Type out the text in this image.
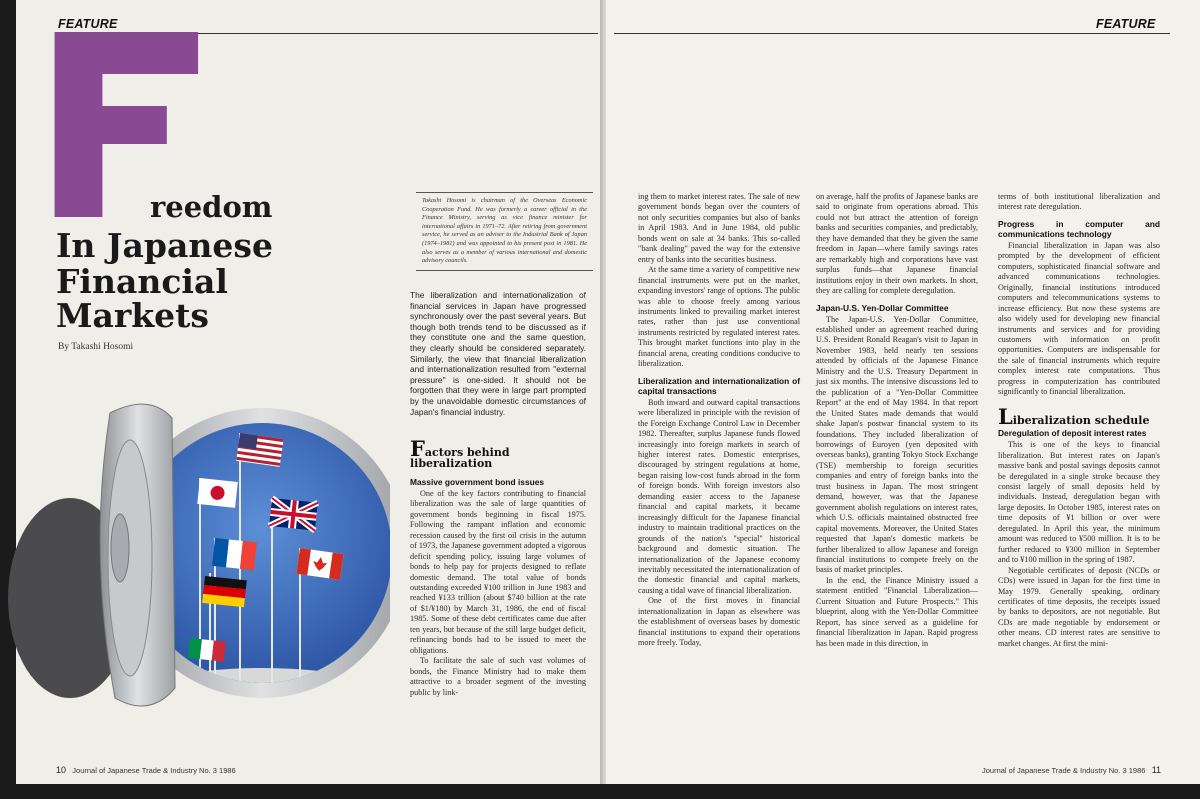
FEATURE	FEATURE
reedom
In Japanese
Financial
Markets
By Takashi Hosomi
Takashi Hosomi is chairman of the Overseas Economic Cooperation Fund. He was formerly a career official in the Finance Ministry, serving as vice finance minister for international affairs in 1971–72. After retiring from government service, he served as an adviser to the Industrial Bank of Japan (1974–1981) and was appointed to his present post in 1981. He also serves as a member of various international and domestic advisory councils.
The liberalization and internationalization of financial services in Japan have progressed synchronously over the past several years. But though both trends tend to be discussed as if they constitute one and the same question, they clearly should be considered separately. Similarly, the view that financial liberalization and internationalization resulted from "external pressure" is one-sided. It should not be forgotten that they were in large part prompted by the unavoidable domestic circumstances of Japan's financial industry.
Factors behind
liberalization

Massive government bond issues

One of the key factors contributing to financial liberalization was the sale of large quantities of government bonds beginning in fiscal 1975. Following the rampant inflation and economic recession caused by the first oil crisis in the autumn of 1973, the Japanese government adopted a vigorous deficit spending policy, issuing large volumes of bonds to help pay for projects designed to reflate domestic demand. The total value of bonds outstanding exceeded ¥100 trillion in June 1983 and reached ¥133 trillion (about $740 billion at the rate of $1/¥180) by March 31, 1986, the end of fiscal 1985. Some of these debt certificates came due after ten years, but because of the still large budget deficit, refinancing bonds had to be issued to meet the obligations.

To facilitate the sale of such vast volumes of bonds, the Finance Ministry had to make them attractive to a broader segment of the investing public by link-

ing them to market interest rates. The sale of new government bonds began over the counters of not only securities companies but also of banks in April 1983. And in June 1984, old public bonds went on sale at 34 banks. This so-called "bank dealing" paved the way for the extensive entry of banks into the securities business.

At the same time a variety of competitive new financial instruments were put on the market, expanding investors' range of options. The public was able to choose freely among various instruments linked to prevailing market interest rates, rather than just use conventional instruments restricted by regulated interest rates. This brought market functions into play in the financial arena, creating conditions conducive to liberalization.

Liberalization and internationalization of capital transactions

Both inward and outward capital transactions were liberalized in principle with the revision of the Foreign Exchange Control Law in December 1982. Thereafter, surplus Japanese funds flowed increasingly into foreign markets in search of higher interest rates. Domestic enterprises, discouraged by stringent regulations at home, began raising low-cost funds abroad in the form of foreign bonds. With foreign investors also demanding easier access to the Japanese financial and capital markets, it became increasingly difficult for the Japanese financial industry to maintain traditional practices on the grounds of the nation's "special" historical background and domestic situation. The internationalization of the Japanese economy inevitably necessitated the internationalization of the domestic financial and capital markets, causing a tidal wave of financial liberalization.

One of the first moves in financial internationalization in Japan as elsewhere was the establishment of overseas bases by domestic financial institutions to expand their operations more freely. Today,

on average, half the profits of Japanese banks are said to originate from operations abroad. This could not but attract the attention of foreign banks and securities companies, and predictably, they have demanded that they be given the same freedom in Japan—where family savings rates are remarkably high and corporations have vast surplus funds—that Japanese financial institutions enjoy in their own markets. In short, they are calling for complete deregulation.

Japan-U.S. Yen-Dollar Committee

The Japan-U.S. Yen-Dollar Committee, established under an agreement reached during U.S. President Ronald Reagan's visit to Japan in November 1983, held nearly ten sessions attended by officials of the Japanese Finance Ministry and the U.S. Treasury Department in just six months. The intensive discussions led to the publication of a "Yen-Dollar Committee Report" at the end of May 1984. In that report the United States made demands that would shake Japan's postwar financial system to its foundations. They included liberalization of borrowings of Euroyen (yen deposited with overseas banks), granting Tokyo Stock Exchange (TSE) membership to foreign securities companies and entry of foreign banks into the trust business in Japan. The most stringent demand, however, was that the Japanese government abolish regulations on interest rates, which U.S. officials maintained obstructed free capital movements. Moreover, the United States requested that Japan's domestic markets be further liberalized to allow Japanese and foreign financial institutions to compete freely on the basis of market principles.

In the end, the Finance Ministry issued a statement entitled "Financial Liberalization—Current Situation and Future Prospects." This blueprint, along with the Yen-Dollar Committee Report, has since served as a guideline for financial liberalization in Japan. Rapid progress has been made in this direction, in

terms of both institutional liberalization and interest rate deregulation.

Progress in computer and communications technology

Financial liberalization in Japan was also prompted by the development of efficient computers, sophisticated financial software and advanced communications technologies. Originally, financial institutions introduced computers and telecommunications systems to increase efficiency. But now these systems are also widely used for developing new financial instruments and services and for providing customers with information on profit opportunities. Computers are indispensable for the sale of financial instruments which require complex interest rate computations. Thus progress in computerization has contributed significantly to financial liberalization.

Liberalization schedule

Deregulation of deposit interest rates

This is one of the keys to financial liberalization. But interest rates on Japan's massive bank and postal savings deposits cannot be deregulated in a single stroke because they consist largely of small deposits held by individuals. Instead, deregulation began with large deposits. In October 1985, interest rates on time deposits of ¥1 billion or over were deregulated. In April this year, the minimum amount was reduced to ¥500 million. It is to be further reduced to ¥300 million in September and to ¥100 million in the spring of 1987.

Negotiable certificates of deposit (NCDs or CDs) were issued in Japan for the first time in May 1979. Generally speaking, ordinary certificates of time deposits, the receipts issued by banks to depositors, are not negotiable. But CDs are made negotiable by endorsement or other means. CD interest rates are sensitive to market changes. At first the mini-

10 Journal of Japanese Trade & Industry No. 3 1986	Journal of Japanese Trade & Industry No. 3 1986 11
